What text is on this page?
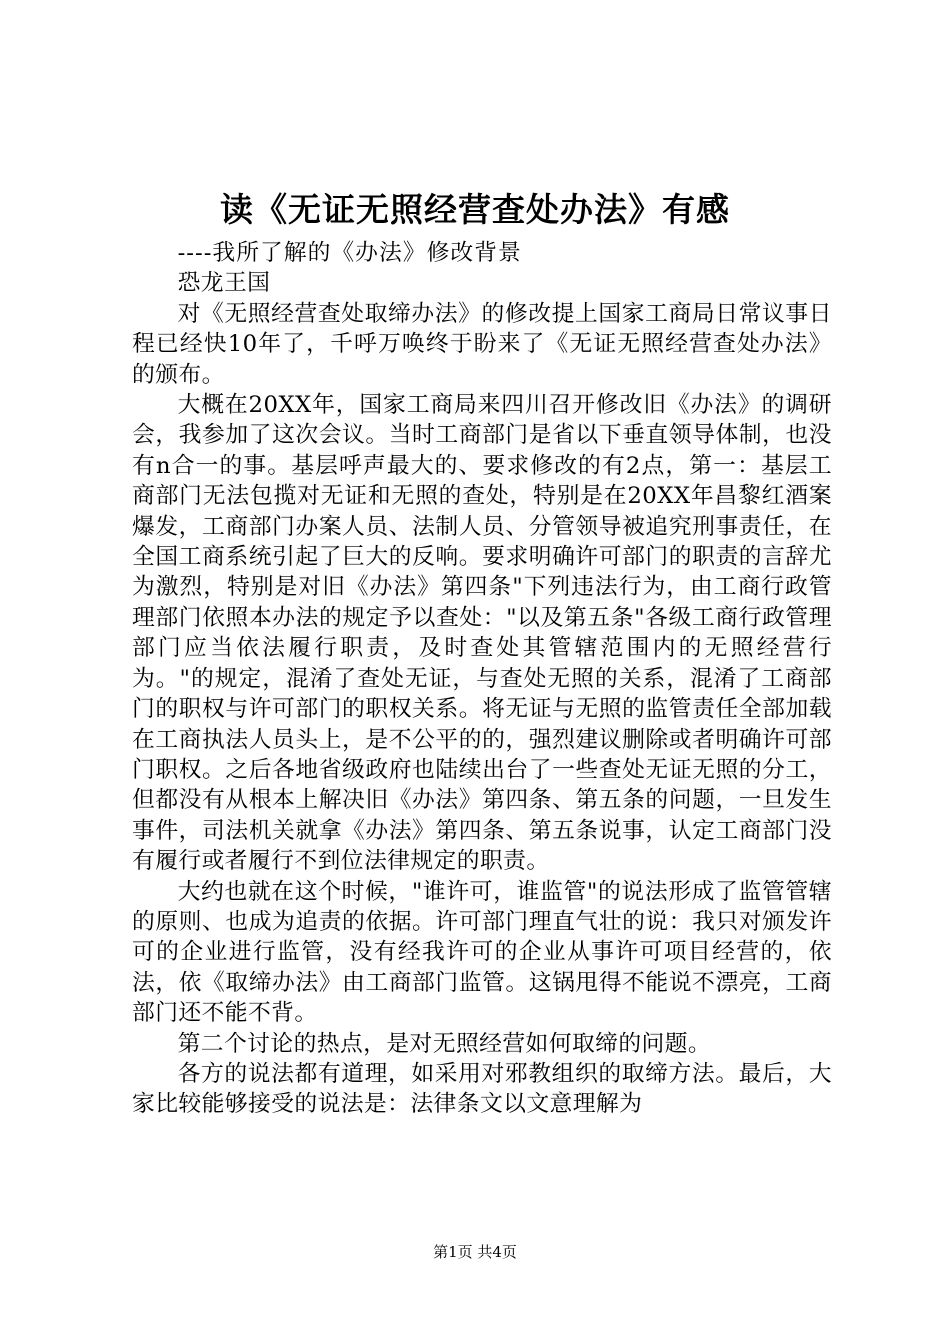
读《无证无照经营查处办法》有感

----我所了解的《办法》修改背景

恐龙王国

对《无照经营查处取缔办法》的修改提上国家工商局日常议事日程已经快10年了，千呼万唤终于盼来了《无证无照经营查处办法》的颁布。

大概在20XX年，国家工商局来四川召开修改旧《办法》的调研会，我参加了这次会议。当时工商部门是省以下垂直领导体制，也没有n合一的事。基层呼声最大的、要求修改的有2点，第一：基层工商部门无法包揽对无证和无照的查处，特别是在20XX年昌黎红酒案爆发，工商部门办案人员、法制人员、分管领导被追究刑事责任，在全国工商系统引起了巨大的反响。要求明确许可部门的职责的言辞尤为激烈，特别是对旧《办法》第四条"下列违法行为，由工商行政管理部门依照本办法的规定予以查处："以及第五条"各级工商行政管理部门应当依法履行职责，及时查处其管辖范围内的无照经营行为。"的规定，混淆了查处无证，与查处无照的关系，混淆了工商部门的职权与许可部门的职权关系。将无证与无照的监管责任全部加载在工商执法人员头上，是不公平的的，强烈建议删除或者明确许可部门职权。之后各地省级政府也陆续出台了一些查处无证无照的分工，但都没有从根本上解决旧《办法》第四条、第五条的问题，一旦发生事件，司法机关就拿《办法》第四条、第五条说事，认定工商部门没有履行或者履行不到位法律规定的职责。

大约也就在这个时候，"谁许可，谁监管"的说法形成了监管管辖的原则、也成为追责的依据。许可部门理直气壮的说：我只对颁发许可的企业进行监管，没有经我许可的企业从事许可项目经营的，依法，依《取缔办法》由工商部门监管。这锅甩得不能说不漂亮，工商部门还不能不背。

第二个讨论的热点，是对无照经营如何取缔的问题。

各方的说法都有道理，如采用对邪教组织的取缔方法。最后，大家比较能够接受的说法是：法律条文以文意理解为

第1页 共4页
